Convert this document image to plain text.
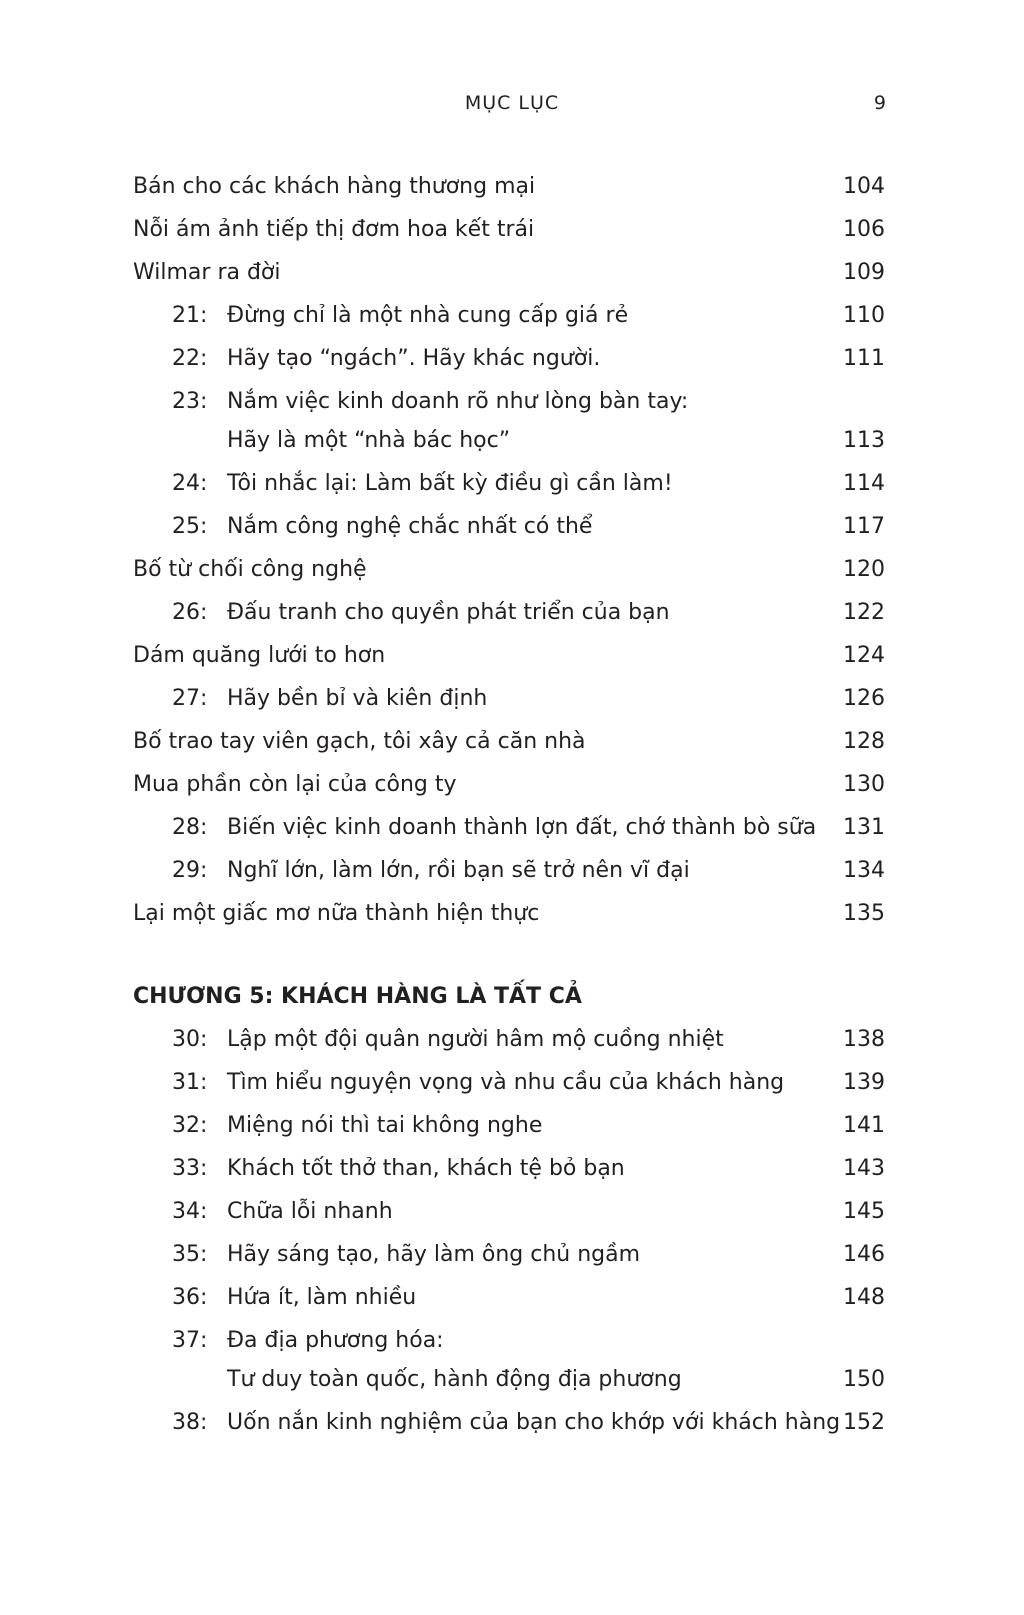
MỤC LỤC	9
Bán cho các khách hàng thương mại	104
Nỗi ám ảnh tiếp thị đơm hoa kết trái	106
Wilmar ra đời	109
21: Đừng chỉ là một nhà cung cấp giá rẻ	110
22: Hãy tạo “ngách”. Hãy khác người.	111
23: Nắm việc kinh doanh rõ như lòng bàn tay:
Hãy là một “nhà bác học”	113
24: Tôi nhắc lại: Làm bất kỳ điều gì cần làm!	114
25: Nắm công nghệ chắc nhất có thể	117
Bố từ chối công nghệ	120
26: Đấu tranh cho quyền phát triển của bạn	122
Dám quăng lưới to hơn	124
27: Hãy bền bỉ và kiên định	126
Bố trao tay viên gạch, tôi xây cả căn nhà	128
Mua phần còn lại của công ty	130
28: Biến việc kinh doanh thành lợn đất, chớ thành bò sữa 131
29: Nghĩ lớn, làm lớn, rồi bạn sẽ trở nên vĩ đại	134
Lại một giấc mơ nữa thành hiện thực	135
CHƯƠNG 5: KHÁCH HÀNG LÀ TẤT CẢ
30: Lập một đội quân người hâm mộ cuồng nhiệt	138
31: Tìm hiểu nguyện vọng và nhu cầu của khách hàng	139
32: Miệng nói thì tai không nghe	141
33: Khách tốt thở than, khách tệ bỏ bạn	143
34: Chữa lỗi nhanh	145
35: Hãy sáng tạo, hãy làm ông chủ ngầm	146
36: Hứa ít, làm nhiều	148
37: Đa địa phương hóa:
Tư duy toàn quốc, hành động địa phương	150
38: Uốn nắn kinh nghiệm của bạn cho khớp với khách hàng 152
